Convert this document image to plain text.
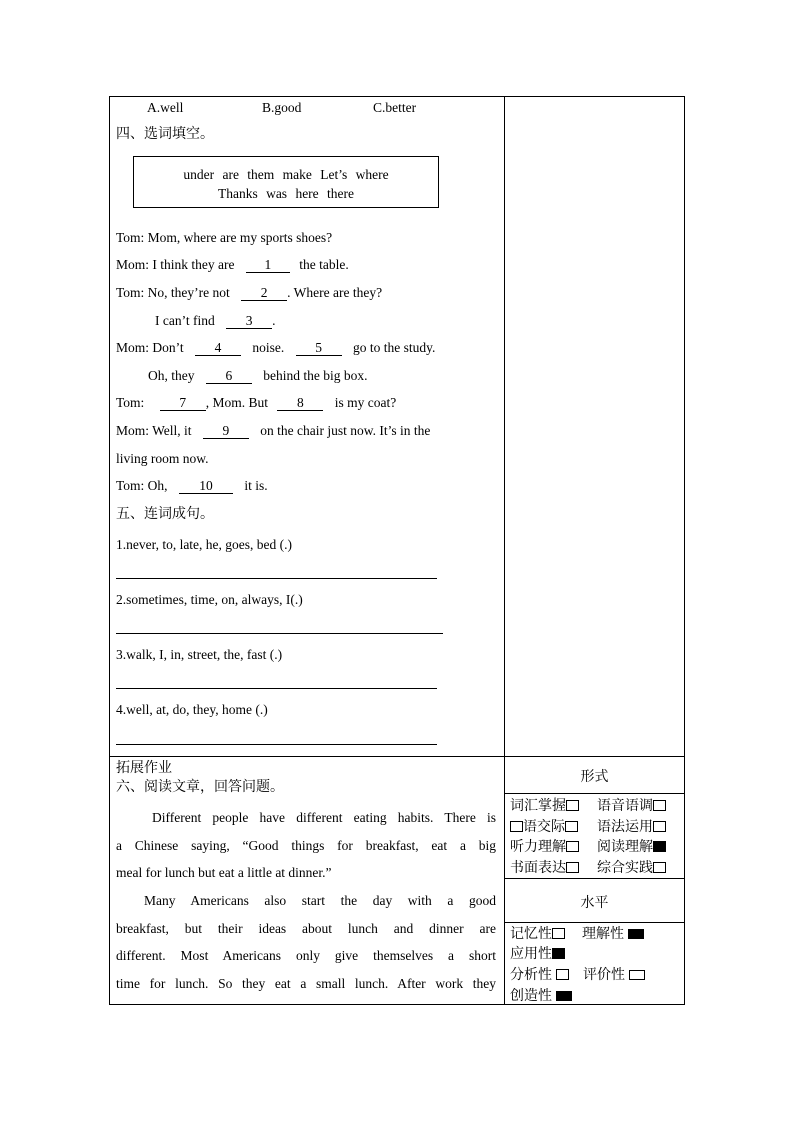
A.well	B.good	C.better
四、选词填空。
under are them make Let’s where
Thanks was here there
Tom: Mom, where are my sports shoes?
Mom: I think they are 1 the table.
Tom: No, they’re not 2 . Where are they?
I can’t find 3 .
Mom: Don’t 4 noise. 5 go to the study.
Oh, they 6 behind the big box.
Tom:	7 , Mom. But 8 is my coat?
Mom: Well, it 9 on the chair just now. It’s in the
living room now.
Tom: Oh, 10 it is.
五、连词成句。
1.never, to, late, he, goes, bed (.)
2.sometimes, time, on, always, I(.)
3.walk, I, in, street, the, fast (.)
4.well, at, do, they, home (.)
拓展作业
六、阅读文章，回答问题。
Different people have different eating habits. There is
a Chinese saying, “Good things for breakfast, eat a big
meal for lunch but eat a little at dinner.”
Many Americans also start the day with a good
breakfast, but their ideas about lunch and dinner are
different. Most Americans only give themselves a short
time for lunch. So they eat a small lunch. After work they
形式
词汇掌握	语音语调
语交际	语法运用
听力理解	阅读理解
书面表达	综合实践
水平
记忆性	理解性
应用性
分析性	评价性
创造性
